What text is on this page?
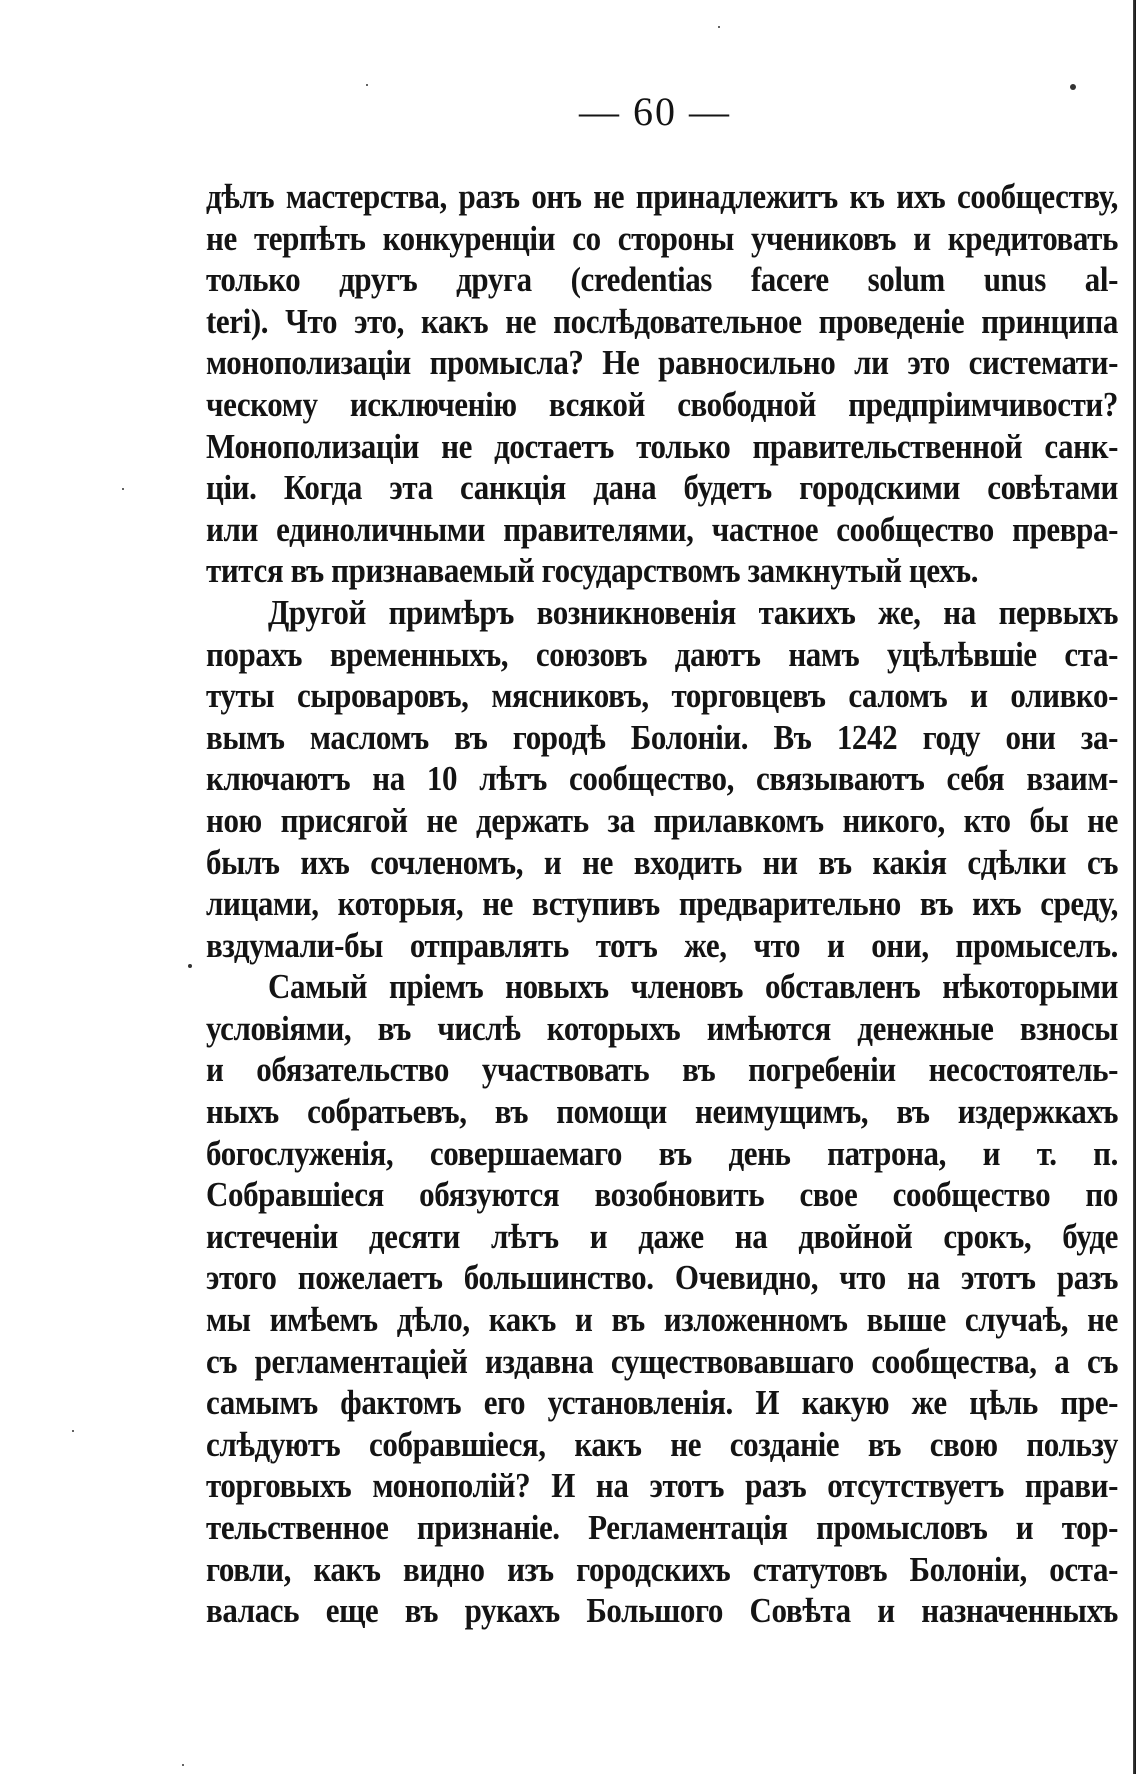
— 60 —
дѣлъ мастерства, разъ онъ не принадлежитъ къ ихъ сообществу,
не терпѣть конкуренціи со стороны учениковъ и кредитовать
только другъ друга (credentias facere solum unus al-
teri). Что это, какъ не послѣдовательное проведеніе принципа
монополизаціи промысла? Не равносильно ли это системати-
ческому исключенію всякой свободной предпріимчивости?
Монополизаціи не достаетъ только правительственной санк-
ціи. Когда эта санкція дана будетъ городскими совѣтами
или единоличными правителями, частное сообщество превра-
тится въ признаваемый государствомъ замкнутый цехъ.
Другой примѣръ возникновенія такихъ же, на первыхъ
порахъ временныхъ, союзовъ даютъ намъ уцѣлѣвшіе ста-
туты сыроваровъ, мясниковъ, торговцевъ саломъ и оливко-
вымъ масломъ въ городѣ Болоніи. Въ 1242 году они за-
ключаютъ на 10 лѣтъ сообщество, связываютъ себя взаим-
ною присягой не держать за прилавкомъ никого, кто бы не
былъ ихъ сочленомъ, и не входить ни въ какія сдѣлки съ
лицами, которыя, не вступивъ предварительно въ ихъ среду,
вздумали-бы отправлять тотъ же, что и они, промыселъ.
Самый пріемъ новыхъ членовъ обставленъ нѣкоторыми
условіями, въ числѣ которыхъ имѣются денежные взносы
и обязательство участвовать въ погребеніи несостоятель-
ныхъ собратьевъ, въ помощи неимущимъ, въ издержкахъ
богослуженія, совершаемаго въ день патрона, и т. п.
Собравшіеся обязуются возобновить свое сообщество по
истеченіи десяти лѣтъ и даже на двойной срокъ, буде
этого пожелаетъ большинство. Очевидно, что на этотъ разъ
мы имѣемъ дѣло, какъ и въ изложенномъ выше случаѣ, не
съ регламентаціей издавна существовавшаго сообщества, а съ
самымъ фактомъ его установленія. И какую же цѣль пре-
слѣдуютъ собравшіеся, какъ не созданіе въ свою пользу
торговыхъ монополій? И на этотъ разъ отсутствуетъ прави-
тельственное признаніе. Регламентація промысловъ и тор-
говли, какъ видно изъ городскихъ статутовъ Болоніи, оста-
валась еще въ рукахъ Большого Совѣта и назначенныхъ
